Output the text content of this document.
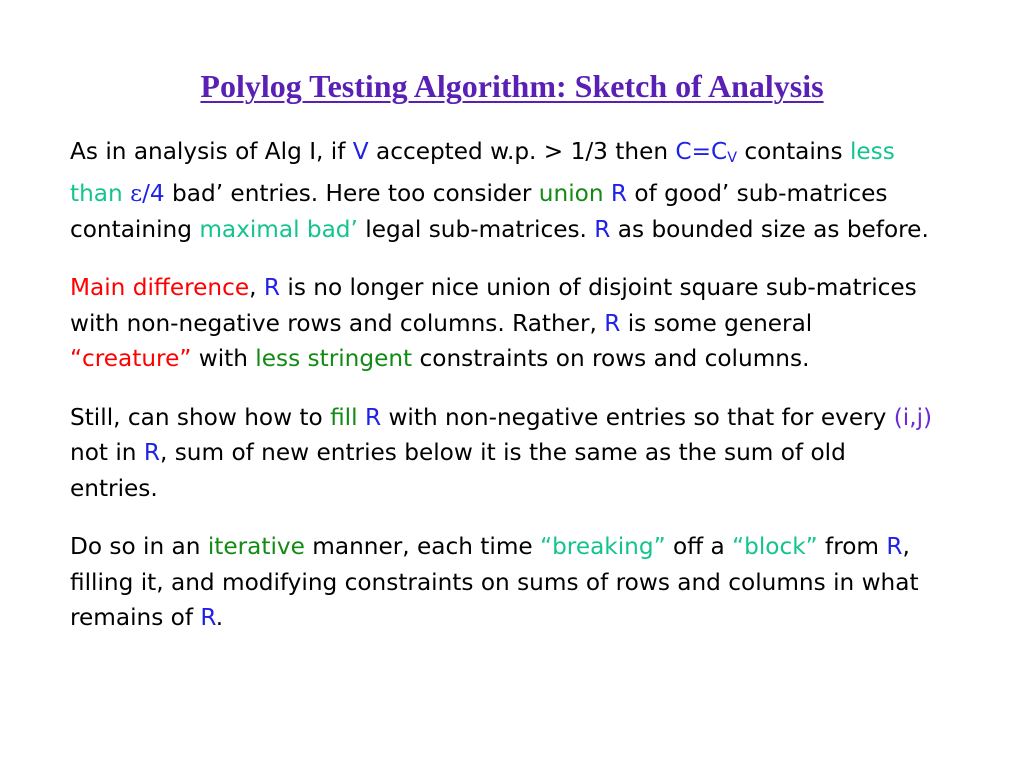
Polylog Testing Algorithm: Sketch of Analysis

As in analysis of Alg I, if V accepted w.p. > 1/3 then C=CV contains less than ε/4 bad’ entries. Here too consider union R of good’ sub-matrices containing maximal bad’ legal sub-matrices. R as bounded size as before.

Main difference, R is no longer nice union of disjoint square sub-matrices with non-negative rows and columns. Rather, R is some general “creature” with less stringent constraints on rows and columns.

Still, can show how to fill R with non-negative entries so that for every (i,j) not in R, sum of new entries below it is the same as the sum of old entries.

Do so in an iterative manner, each time “breaking” off a “block” from R, filling it, and modifying constraints on sums of rows and columns in what remains of R.
